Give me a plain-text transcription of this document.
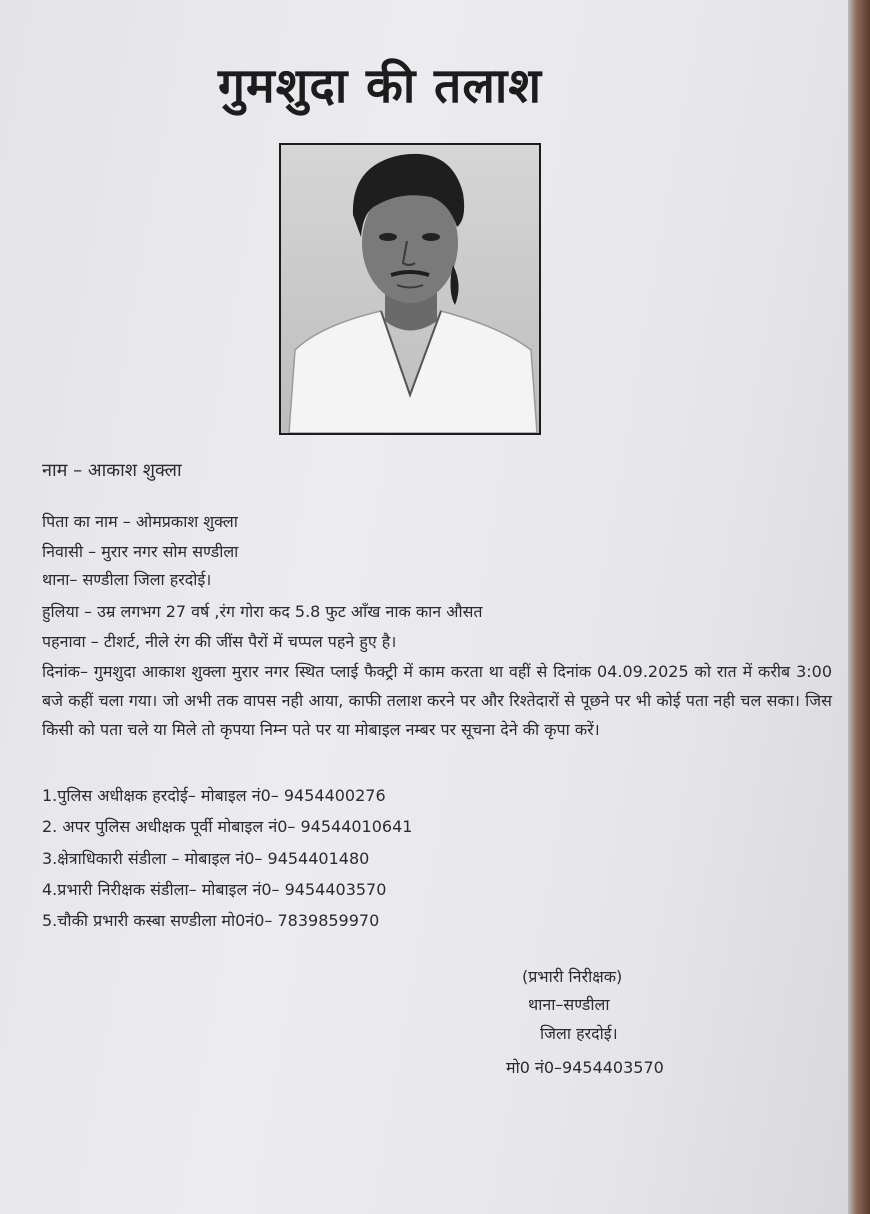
गुमशुदा की तलाश
नाम – आकाश शुक्ला
पिता का नाम – ओमप्रकाश शुक्ला
निवासी – मुरार नगर सोम सण्डीला
थाना– सण्डीला जिला हरदोई।
हुलिया – उम्र लगभग 27 वर्ष ,रंग गोरा कद 5.8 फुट आँख नाक कान औसत
पहनावा – टीशर्ट, नीले रंग की जींस पैरों में चप्पल पहने हुए है।
दिनांक– गुमशुदा आकाश शुक्ला मुरार नगर स्थित प्लाई फैक्ट्री में काम करता था वहीं से दिनांक 04.09.2025 को रात में करीब 3:00 बजे कहीं चला गया। जो अभी तक वापस नही आया, काफी तलाश करने पर और रिश्तेदारों से पूछने पर भी कोई पता नही चल सका। जिस किसी को पता चले या मिले तो कृपया निम्न पते पर या मोबाइल नम्बर पर सूचना देने की कृपा करें।
1.पुलिस अधीक्षक हरदोई– मोबाइल नं0– 9454400276
2. अपर पुलिस अधीक्षक पूर्वी मोबाइल नं0– 94544010641
3.क्षेत्राधिकारी संडीला – मोबाइल नं0– 9454401480
4.प्रभारी निरीक्षक संडीला– मोबाइल नं0– 9454403570
5.चौकी प्रभारी कस्बा सण्डीला मो0नं0– 7839859970
(प्रभारी निरीक्षक)
थाना–सण्डीला
जिला हरदोई।
मो0 नं0–9454403570
